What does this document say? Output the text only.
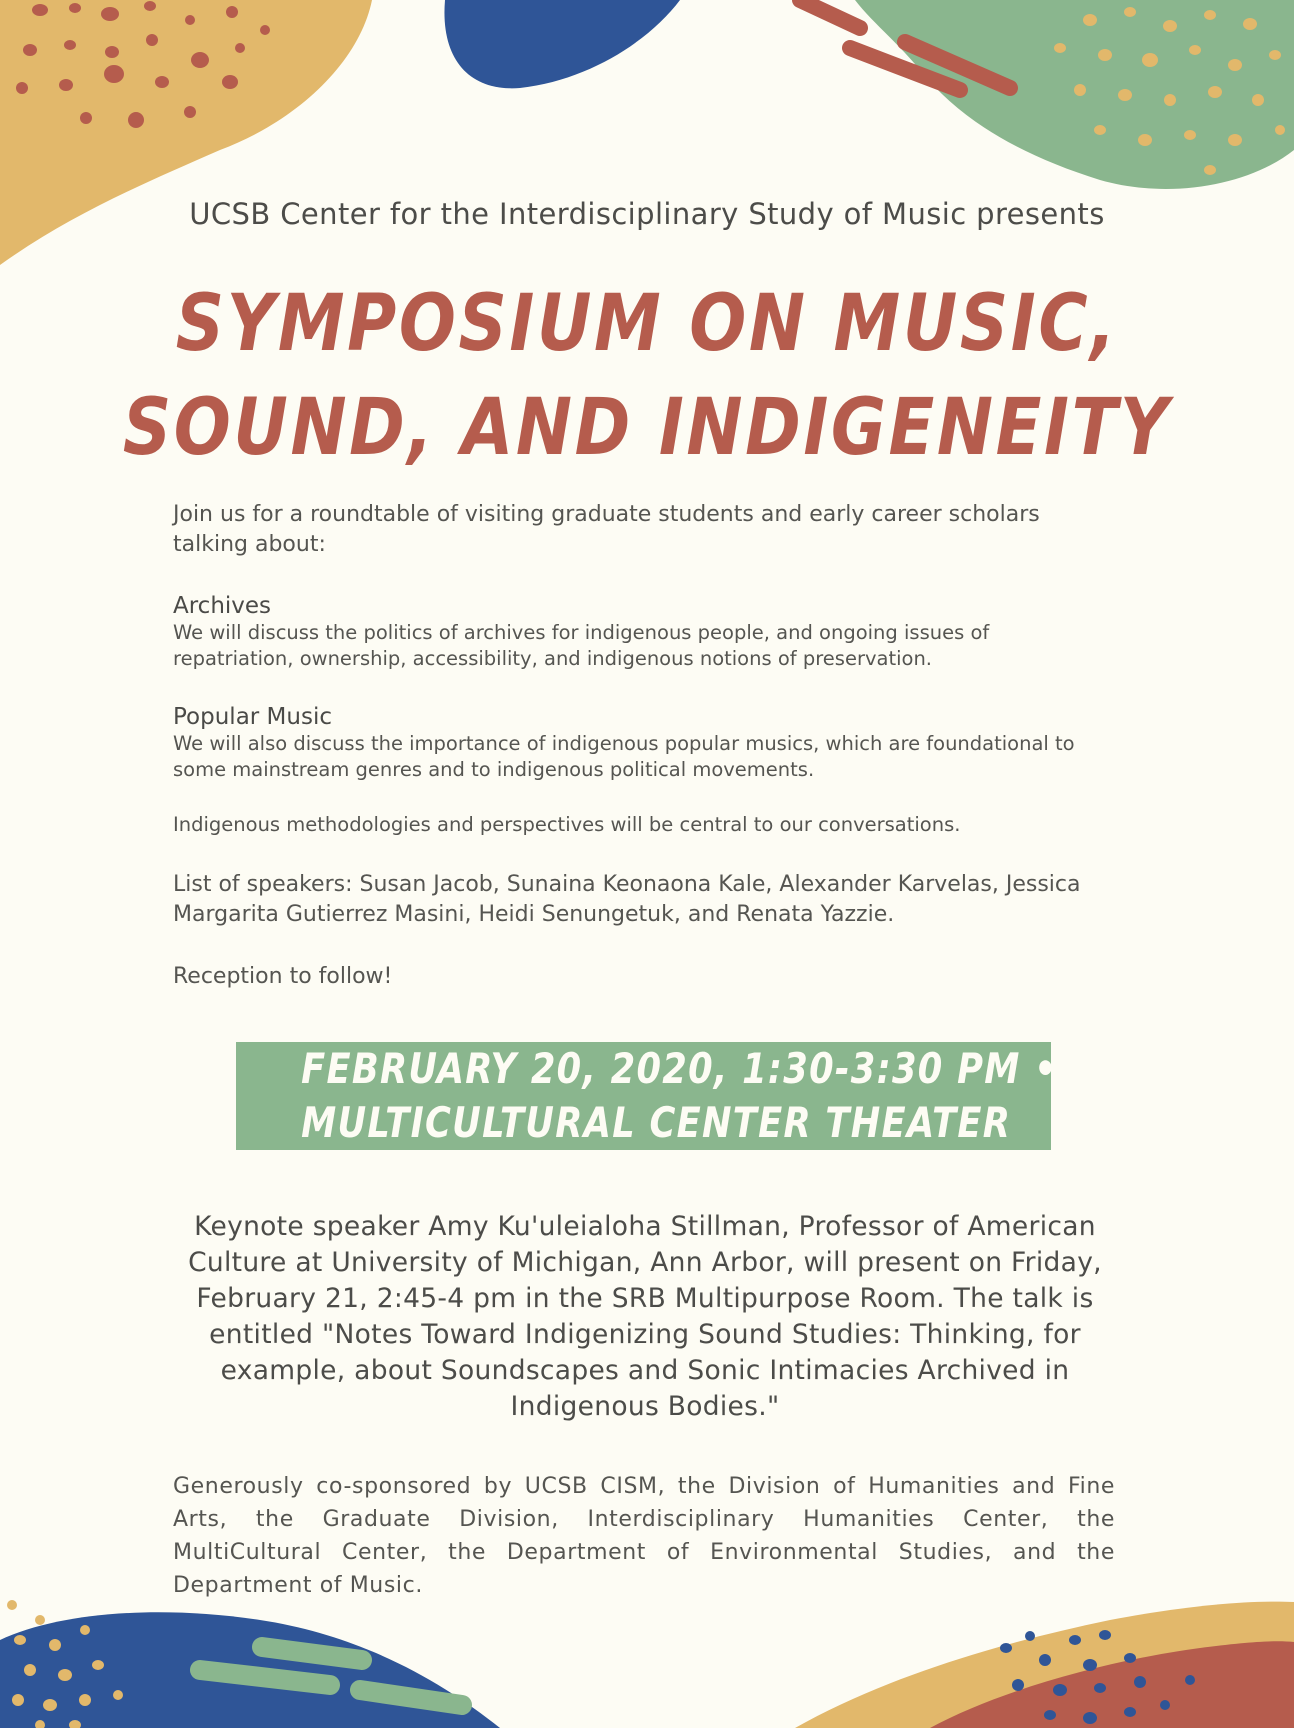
UCSB Center for the Interdisciplinary Study of Music presents
SYMPOSIUM ON MUSIC,
SOUND, AND INDIGENEITY
Join us for a roundtable of visiting graduate students and early career scholars talking about:
Archives
We will discuss the politics of archives for indigenous people, and ongoing issues of repatriation, ownership, accessibility, and indigenous notions of preservation.
Popular Music
We will also discuss the importance of indigenous popular musics, which are foundational to some mainstream genres and to indigenous political movements.
Indigenous methodologies and perspectives will be central to our conversations.
List of speakers: Susan Jacob, Sunaina Keonaona Kale, Alexander Karvelas, Jessica Margarita Gutierrez Masini, Heidi Senungetuk, and Renata Yazzie.
Reception to follow!
FEBRUARY 20, 2020, 1:30-3:30 PM •
MULTICULTURAL CENTER THEATER
Keynote speaker Amy Ku'uleialoha Stillman, Professor of American Culture at University of Michigan, Ann Arbor, will present on Friday, February 21, 2:45-4 pm in the SRB Multipurpose Room. The talk is entitled "Notes Toward Indigenizing Sound Studies: Thinking, for example, about Soundscapes and Sonic Intimacies Archived in Indigenous Bodies."
Generously co-sponsored by UCSB CISM, the Division of Humanities and Fine Arts, the Graduate Division, Interdisciplinary Humanities Center, the MultiCultural Center, the Department of Environmental Studies, and the Department of Music.
